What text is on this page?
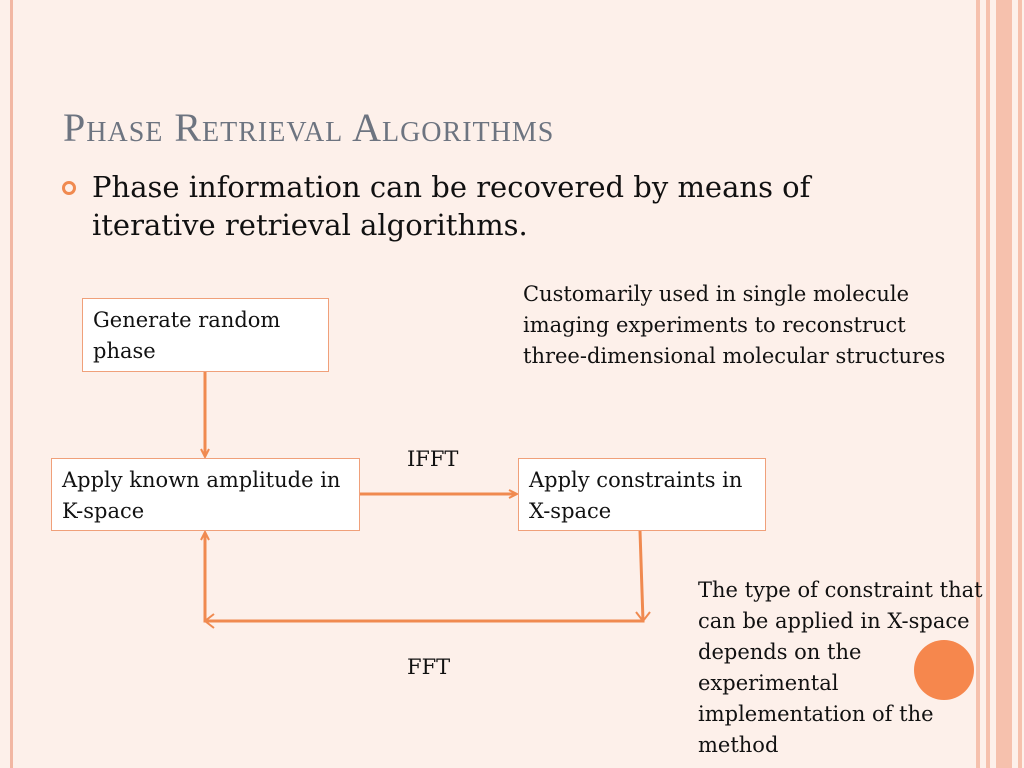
Phase Retrieval Algorithms
Phase information can be recovered by means of iterative retrieval algorithms.
Generate random phase
Apply known amplitude in K-space
Apply constraints in X-space
IFFT
FFT
Customarily used in single molecule imaging experiments to reconstruct three-dimensional molecular structures
The type of constraint that can be applied in X-space depends on the experimental implementation of the method
